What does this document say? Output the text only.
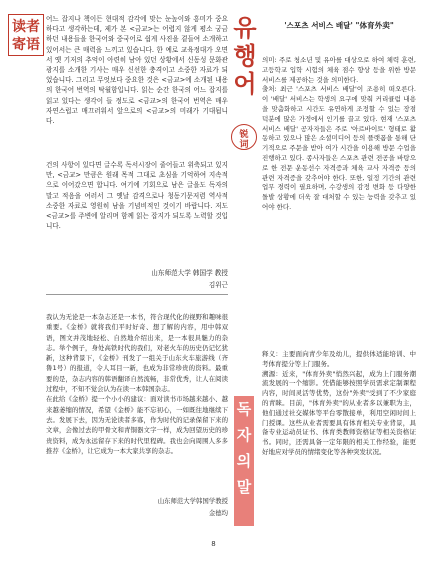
读者
寄语

어느 잡지나 책이든 현대적 감각에 맞는 눈높이와 흥미가 중요하다고 생각하는데, 제가 본 <금교>는 어렵지 않게 평소 궁금하던 내용들을 한국어와 중국어로 쉽게 사진을 곁들여 소개하고 있어서는 큰 매력을 느끼고 있습니다. 한 예로 교육정대가 오면서 옛 기저의 추억이 아련히 남아 있던 상황에서 신동성 문화관광지를 소개한 기사는 매우 신선한 충격이고 소중한 자료가 되었습니다. 그리고 무엇보다 중요한 것은 <금교>에 소개된 내용의 한국어 번역의 탁월함입니다. 읽는 순간 한국의 어느 잡지를 읽고 있다는 생각이 들 정도로 <금교>의 한국어 번역은 매우 자연스럽고 매끄러워서 앞으로의 <금교>의 미래가 기대됩니다.

건의 사항이 있다면 글수록 독서시장이 줄어들고 위축되고 있지만, <금교> 만큼은 원래 목적 그대로 초심을 기억하여 지속적으로 이어갔으면 합니다. 여기에 기회으로 남은 글을도 독자의 말고 적음을 여러서 그 옛날 감격으로나 청동기문저렴 역사적 소중한 자료로 영원히 남을 기념비적인 것이기 바랍니다. 저도 <금교>를 주변에 알리며 함께 읽는 잡지가 되도록 노력할 것입니다.

山东师范大学 韩国学 教授
김위근

我认为无论是一本杂志还是一本书，符合现代化的视野和趣味很重要。《金桥》就将我们平时好奇、想了解的内容，用中韩双语，图文并茂地轻松、自然地介绍出来，是一本很具魅力的杂志。举个例子，身处高铁时代的我们，对老火车的历史仍记忆犹新，这种背景下，《金桥》刊发了一组关于山东火车旅游线（齐鲁1号）的报道，令人耳目一新，也成为非常珍贵的资料。最重要的是，杂志内容的韩语翻译自然流畅，非常优秀，让人在阅读过程中，不知不觉会认为在读一本韩国杂志。
在此给《金桥》提一个小小的建议：面对读书市场越来越小、越来越萎缩的情况，希望《金桥》能不忘初心，一如既往地继续下去。发展下去，因为无论读者多寡，作为时代的记录保留下来的文章，会像过去的甲骨文和青铜器文字一样，成为回望历史的珍贵资料，成为永远留存下来的时代里程碑。我也会向周围人多多推荐《金桥》，让它成为一本大家共享的杂志。

山东师范大学韩国学教授
金德均
유
행
어
锐
词
독
자
의
말
'스포츠 서비스 배달' "体育外卖"

의미: 주로 청소년 및 유아를 대상으로 하여 체력 훈련, 고등학교 입학 시험의 체육 점수 향상 등을 위한 방문 서비스를 제공하는 것을 의미한다.
출처: 최근 '스포츠 서비스 배달'이 조용히 떠오른다. 이 '배달' 서비스는 학생의 요구에 맞춰 커리큘럼 내용을 맞춤화하고 시간도 유연하게 조정할 수 있는 장점 덕분에 많은 가정에서 인기를 끌고 있다. 현재 '스포츠 서비스 배달' 공자자들은 주로 '아르바이트' 형태로 활동하고 있으나 많은 소셜미디어 등의 플랫폼을 통해 단기적으로 주문을 받아 여가 시간을 이용해 방문 수업을 진행하고 있다. 종사자들은 스포츠 관련 전공을 바탕으로 한 전문 운동선수 자격증과 체육 교사 자격증 등의 관련 자격증을 갖추어야 한다. 또한, 일정 기간의 관련 업무 경력이 필요하며, 수강생의 감정 변화 등 다양한 돌발 상황에 더욱 잘 대처할 수 있는 능력을 갖추고 있어야 한다.

释义：主要面向青少年及幼儿，提供体适能培训、中考体育提分等上门服务。
溯源：近来，"体育外卖"悄然兴起，成为上门服务潮流发展的一个缩影。凭借能够按照学员需求定制课程内容，时间灵活等优势，这份"外卖"受到了不少家庭的青睐。目前，"体育外卖"的从业者多以兼职为主，他们通过社交媒体等平台零散接单，利用空闲时间上门授课。这些从业者需要具有体育相关专业背景，具备专业运动员证书、体育类教师资格证等相关资格证书。同时，还需具备一定年限的相关工作经验，能更好地应对学员的情绪变化等各种突发状况。

8
